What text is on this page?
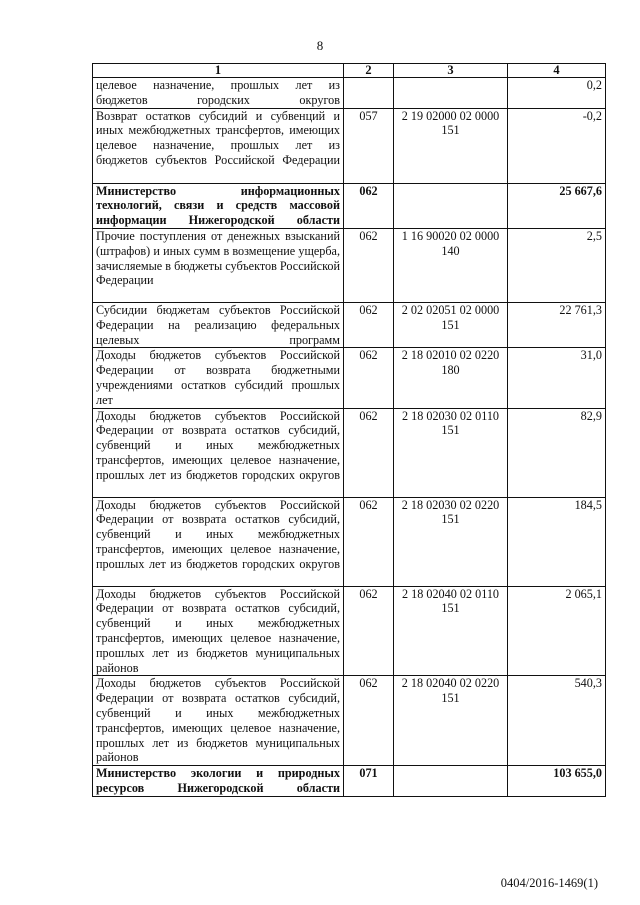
8
1	2	3	4
целевое назначение, прошлых лет из бюджетов городских округов			0,2
Возврат остатков субсидий и субвенций и иных межбюджетных трансфертов, имеющих целевое назначение, прошлых лет из бюджетов субъектов Российской Федерации	057	2 19 02000 02 0000 151	-0,2
Министерство информационных технологий, связи и средств массовой информации Нижегородской области	062		25 667,6
Прочие поступления от денежных взысканий (штрафов) и иных сумм в возмещение ущерба, зачисляемые в бюджеты субъектов Российской Федерации	062	1 16 90020 02 0000 140	2,5
Субсидии бюджетам субъектов Российской Федерации на реализацию федеральных целевых программ	062	2 02 02051 02 0000 151	22 761,3
Доходы бюджетов субъектов Российской Федерации от возврата бюджетными учреждениями остатков субсидий прошлых лет	062	2 18 02010 02 0220 180	31,0
Доходы бюджетов субъектов Российской Федерации от возврата остатков субсидий, субвенций и иных межбюджетных трансфертов, имеющих целевое назначение, прошлых лет из бюджетов городских округов	062	2 18 02030 02 0110 151	82,9
Доходы бюджетов субъектов Российской Федерации от возврата остатков субсидий, субвенций и иных межбюджетных трансфертов, имеющих целевое назначение, прошлых лет из бюджетов городских округов	062	2 18 02030 02 0220 151	184,5
Доходы бюджетов субъектов Российской Федерации от возврата остатков субсидий, субвенций и иных межбюджетных трансфертов, имеющих целевое назначение, прошлых лет из бюджетов муниципальных районов	062	2 18 02040 02 0110 151	2 065,1
Доходы бюджетов субъектов Российской Федерации от возврата остатков субсидий, субвенций и иных межбюджетных трансфертов, имеющих целевое назначение, прошлых лет из бюджетов муниципальных районов	062	2 18 02040 02 0220 151	540,3
Министерство экологии и природных ресурсов Нижегородской области	071		103 655,0
0404/2016-1469(1)
